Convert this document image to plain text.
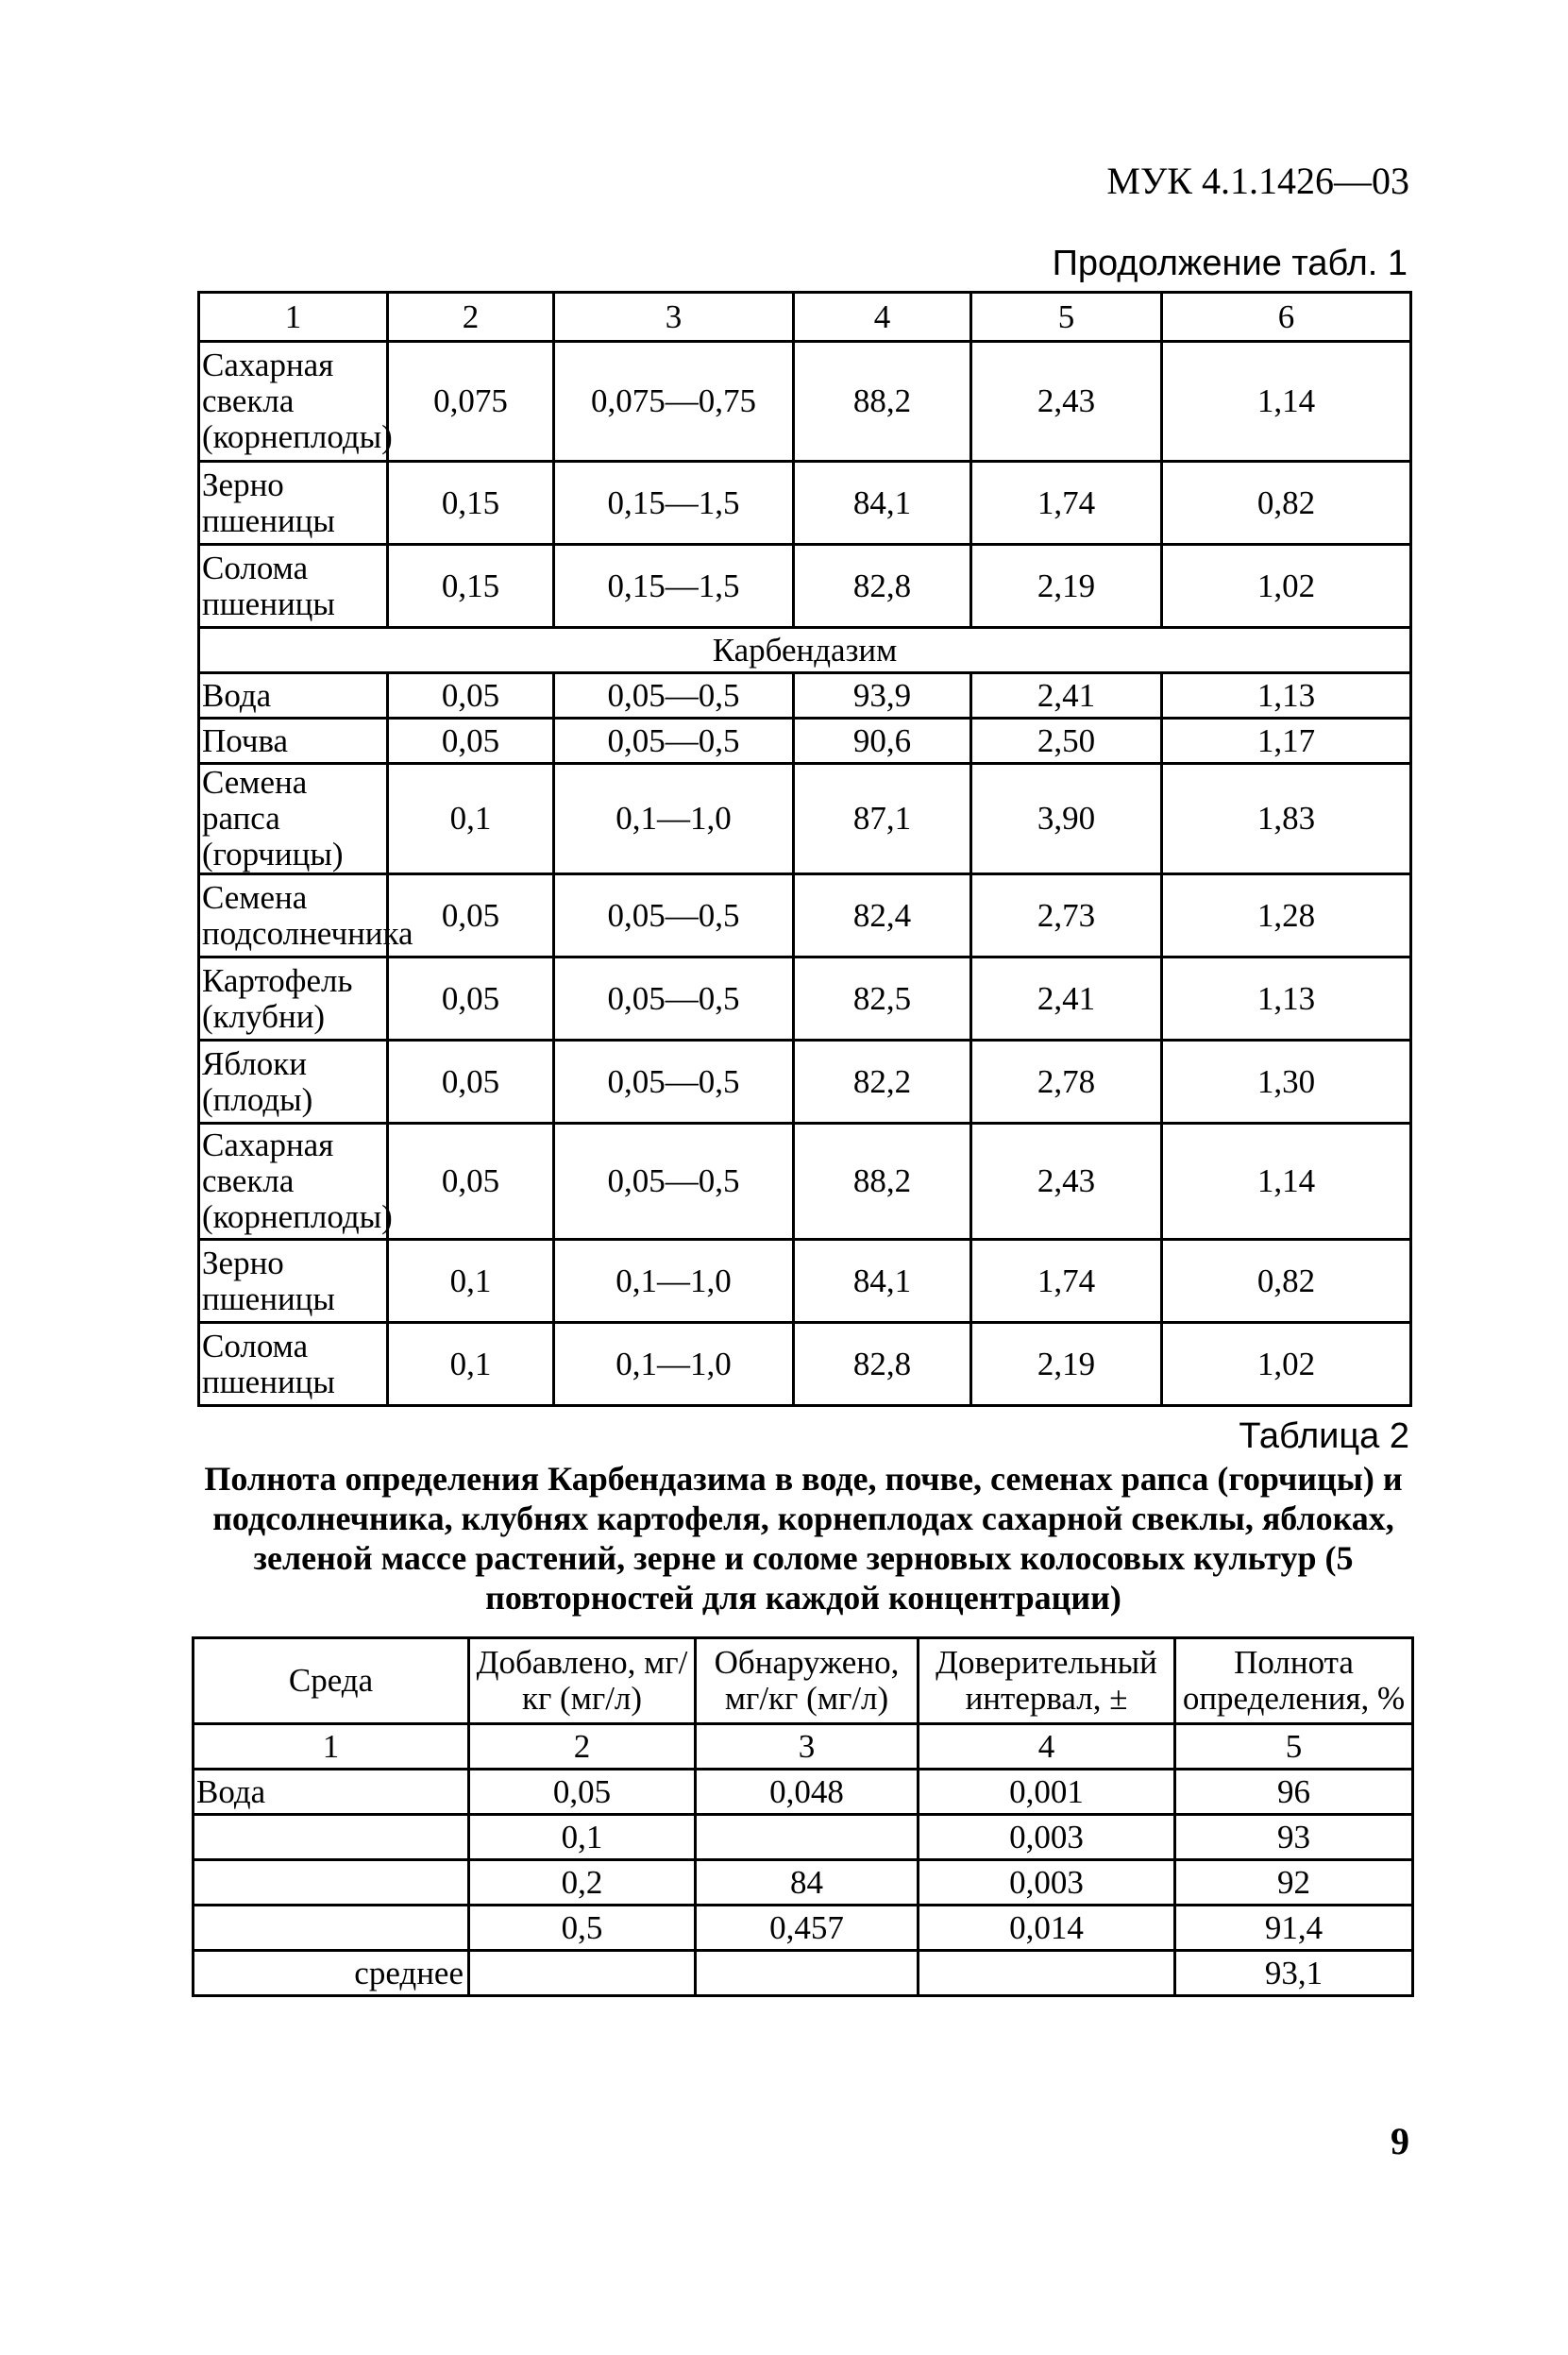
МУК 4.1.1426—03
Продолжение табл. 1
1	2	3	4	5	6
Сахарная свекла (корнеплоды)	0,075	0,075—0,75	88,2	2,43	1,14
Зерно пшеницы	0,15	0,15—1,5	84,1	1,74	0,82
Солома пшеницы	0,15	0,15—1,5	82,8	2,19	1,02
Карбендазим					
Вода	0,05	0,05—0,5	93,9	2,41	1,13
Почва	0,05	0,05—0,5	90,6	2,50	1,17
Семена рапса (горчицы)	0,1	0,1—1,0	87,1	3,90	1,83
Семена подсолнечника	0,05	0,05—0,5	82,4	2,73	1,28
Картофель (клубни)	0,05	0,05—0,5	82,5	2,41	1,13
Яблоки (плоды)	0,05	0,05—0,5	82,2	2,78	1,30
Сахарная свекла (корнеплоды)	0,05	0,05—0,5	88,2	2,43	1,14
Зерно пшеницы	0,1	0,1—1,0	84,1	1,74	0,82
Солома пшеницы	0,1	0,1—1,0	82,8	2,19	1,02
Таблица 2
Полнота определения Карбендазима в воде, почве, семенах рапса (горчицы) и подсолнечника, клубнях картофеля, корнеплодах сахарной свеклы, яблоках, зеленой массе растений, зерне и соломе зерновых колосовых культур (5 повторностей для каждой концентрации)
Среда	Добавлено, мг/кг (мг/л)	Обнаружено, мг/кг (мг/л)	Доверительный интервал, ±	Полнота определения, %
1	2	3	4	5
Вода	0,05	0,048	0,001	96
	0,1		0,003	93
	0,2	84	0,003	92
	0,5	0,457	0,014	91,4
среднее				93,1
9
